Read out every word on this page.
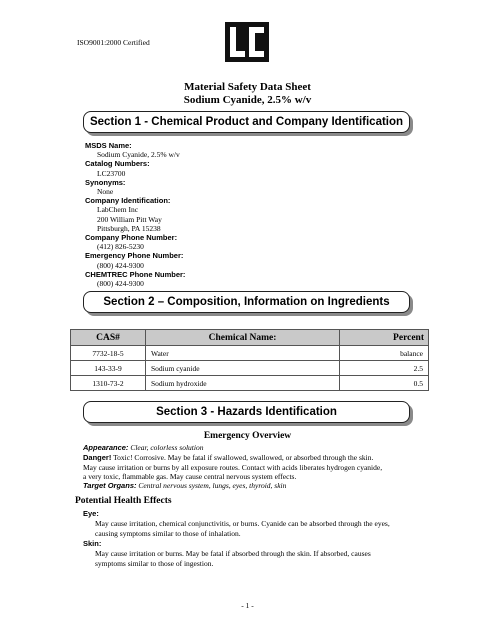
ISO9001:2000 Certified
Material Safety Data Sheet
Sodium Cyanide, 2.5% w/v
Section 1 - Chemical Product and Company Identification
MSDS Name:
Sodium Cyanide, 2.5% w/v
Catalog Numbers:
LC23700
Synonyms:
None
Company Identification:
LabChem Inc
200 William Pitt Way
Pittsburgh, PA 15238
Company Phone Number:
(412) 826-5230
Emergency Phone Number:
(800) 424-9300
CHEMTREC Phone Number:
(800) 424-9300
Section 2 – Composition, Information on Ingredients
CAS#	Chemical Name:	Percent
7732-18-5	Water	balance
143-33-9	Sodium cyanide	2.5
1310-73-2	Sodium hydroxide	0.5
Section 3 - Hazards Identification
Emergency Overview
Appearance: Clear, colorless solution
Danger! Toxic! Corrosive. May be fatal if swallowed, swallowed, or absorbed through the skin.
May cause irritation or burns by all exposure routes. Contact with acids liberates hydrogen cyanide,
a very toxic, flammable gas. May cause central nervous system effects.
Target Organs: Central nervous system, lungs, eyes, thyroid, skin
Potential Health Effects
Eye:
May cause irritation, chemical conjunctivitis, or burns. Cyanide can be absorbed through the eyes,
causing symptoms similar to those of inhalation.
Skin:
May cause irritation or burns. May be fatal if absorbed through the skin. If absorbed, causes
symptoms similar to those of ingestion.
- 1 -
